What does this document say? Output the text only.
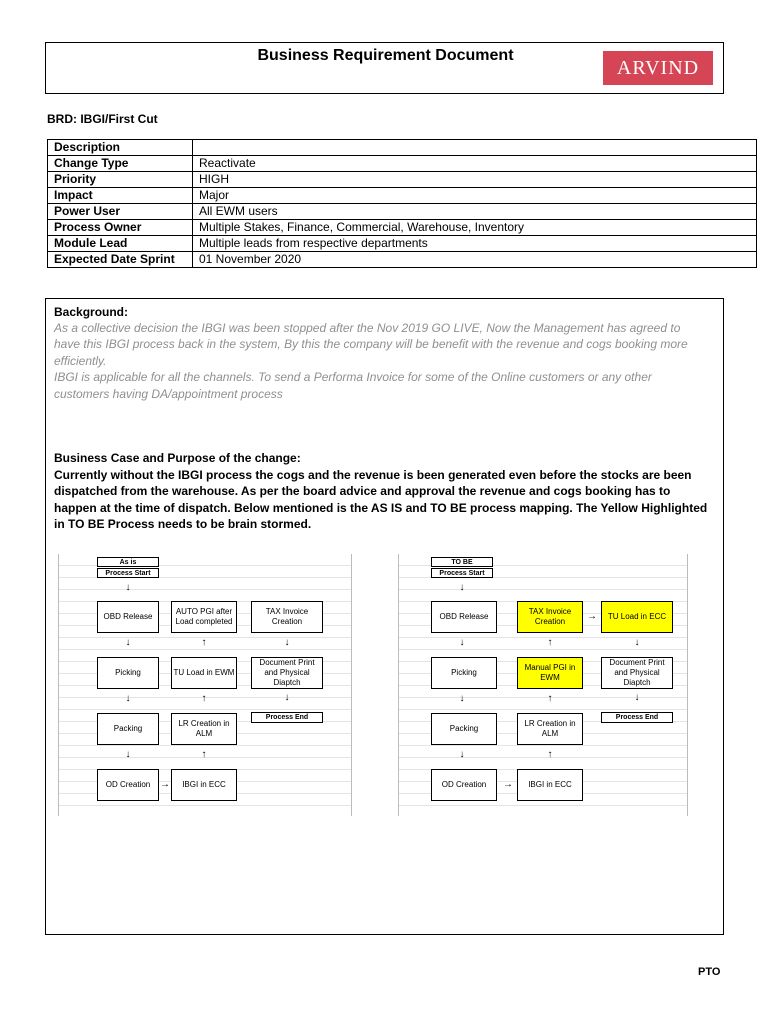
Business Requirement Document
ARVIND
BRD: IBGI/First Cut
Description	
Change Type	Reactivate
Priority	HIGH
Impact	Major
Power User	All EWM users
Process Owner	Multiple Stakes, Finance, Commercial, Warehouse, Inventory
Module Lead	Multiple leads from respective departments
Expected Date Sprint	01 November 2020
Background:
As a collective decision the IBGI was been stopped after the Nov 2019 GO LIVE, Now the Management has agreed to have this IBGI process back in the system, By this the company will be benefit with the revenue and cogs booking more efficiently.
IBGI is applicable for all the channels. To send a Performa Invoice for some of the Online customers or any other customers having DA/appointment process
Business Case and Purpose of the change:
Currently without the IBGI process the cogs and the revenue is been generated even before the stocks are been dispatched from the warehouse. As per the board advice and approval the revenue and cogs booking has to happen at the time of dispatch. Below mentioned is the AS IS and TO BE process mapping. The Yellow Highlighted in TO BE Process needs to be brain stormed.
As is
Process Start
↓
OBD Release
AUTO PGI after Load completed
TAX Invoice Creation
↓	↑	↓
Picking	TU Load in EWM
Document Print and Physical Diaptch
↓
Process End
↓	↑
Packing
LR Creation in ALM
↓	↑
OD Creation →	IBGI in ECC
TO BE
Process Start
↓
OBD Release
TAX Invoice Creation	→	TU Load in ECC
↓	↑	↓
Picking
Manual PGI in EWM
Document Print and Physical Diaptch
↓
Process End
↓	↑
Packing
LR Creation in ALM
↓	↑
OD Creation	→	IBGI in ECC
PTO
